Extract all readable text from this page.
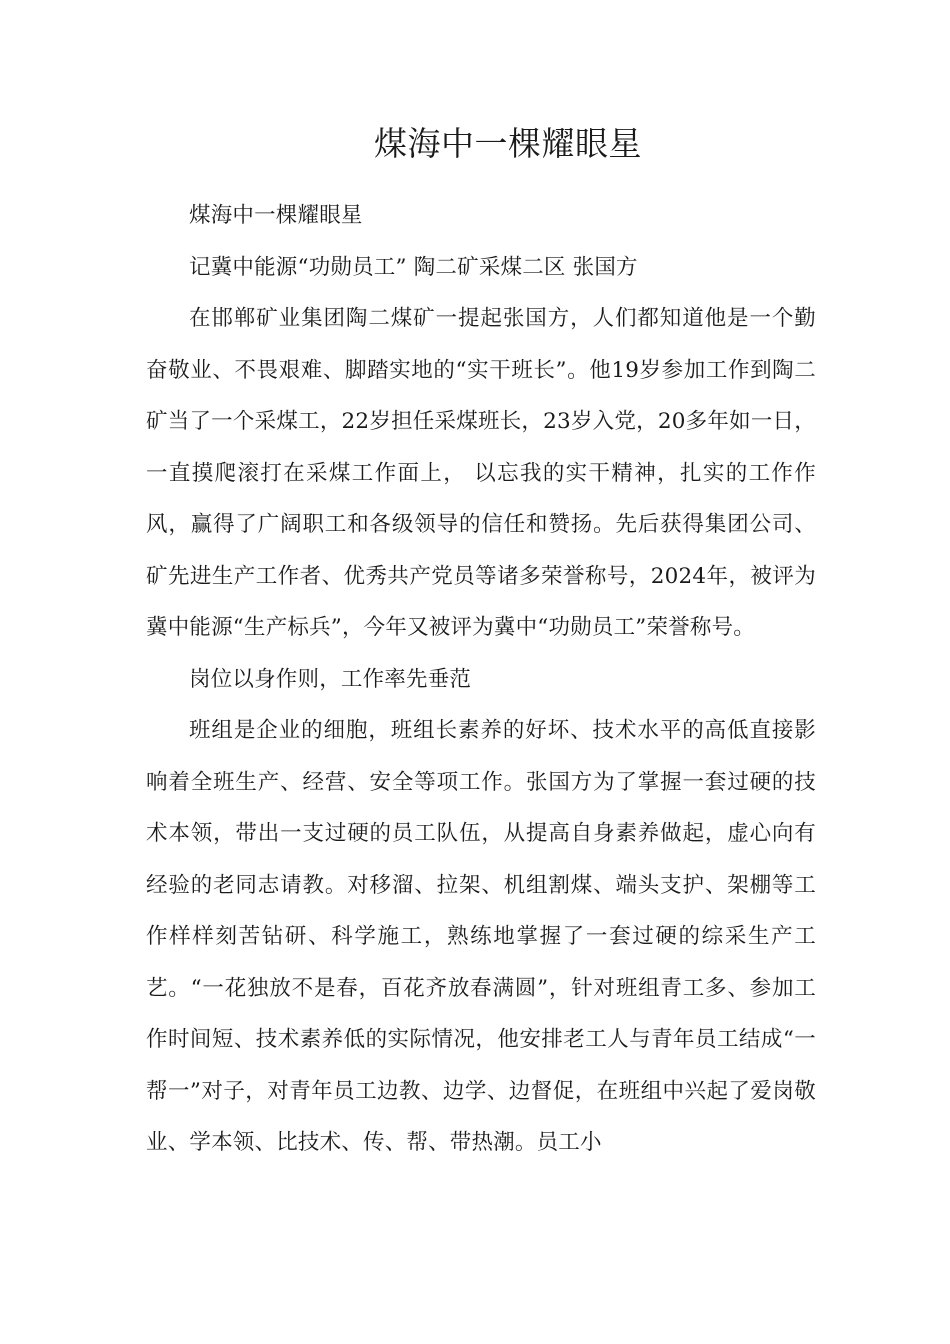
煤海中一棵耀眼星

煤海中一棵耀眼星

记冀中能源“功勋员工” 陶二矿采煤二区 张国方

在邯郸矿业集团陶二煤矿一提起张国方，人们都知道他是一个勤奋敬业、不畏艰难、脚踏实地的“实干班长”。他19岁参加工作到陶二矿当了一个采煤工，22岁担任采煤班长，23岁入党，20多年如一日，一直摸爬滚打在采煤工作面上， 以忘我的实干精神，扎实的工作作风，赢得了广阔职工和各级领导的信任和赞扬。先后获得集团公司、矿先进生产工作者、优秀共产党员等诸多荣誉称号，2024年，被评为冀中能源“生产标兵”，今年又被评为冀中“功勋员工”荣誉称号。

岗位以身作则，工作率先垂范

班组是企业的细胞，班组长素养的好坏、技术水平的高低直接影响着全班生产、经营、安全等项工作。张国方为了掌握一套过硬的技术本领，带出一支过硬的员工队伍，从提高自身素养做起，虚心向有经验的老同志请教。对移溜、拉架、机组割煤、端头支护、架棚等工作样样刻苦钻研、科学施工，熟练地掌握了一套过硬的综采生产工艺。“一花独放不是春，百花齐放春满圆”，针对班组青工多、参加工作时间短、技术素养低的实际情况，他安排老工人与青年员工结成“一帮一”对子，对青年员工边教、边学、边督促，在班组中兴起了爱岗敬业、学本领、比技术、传、帮、带热潮。员工小
